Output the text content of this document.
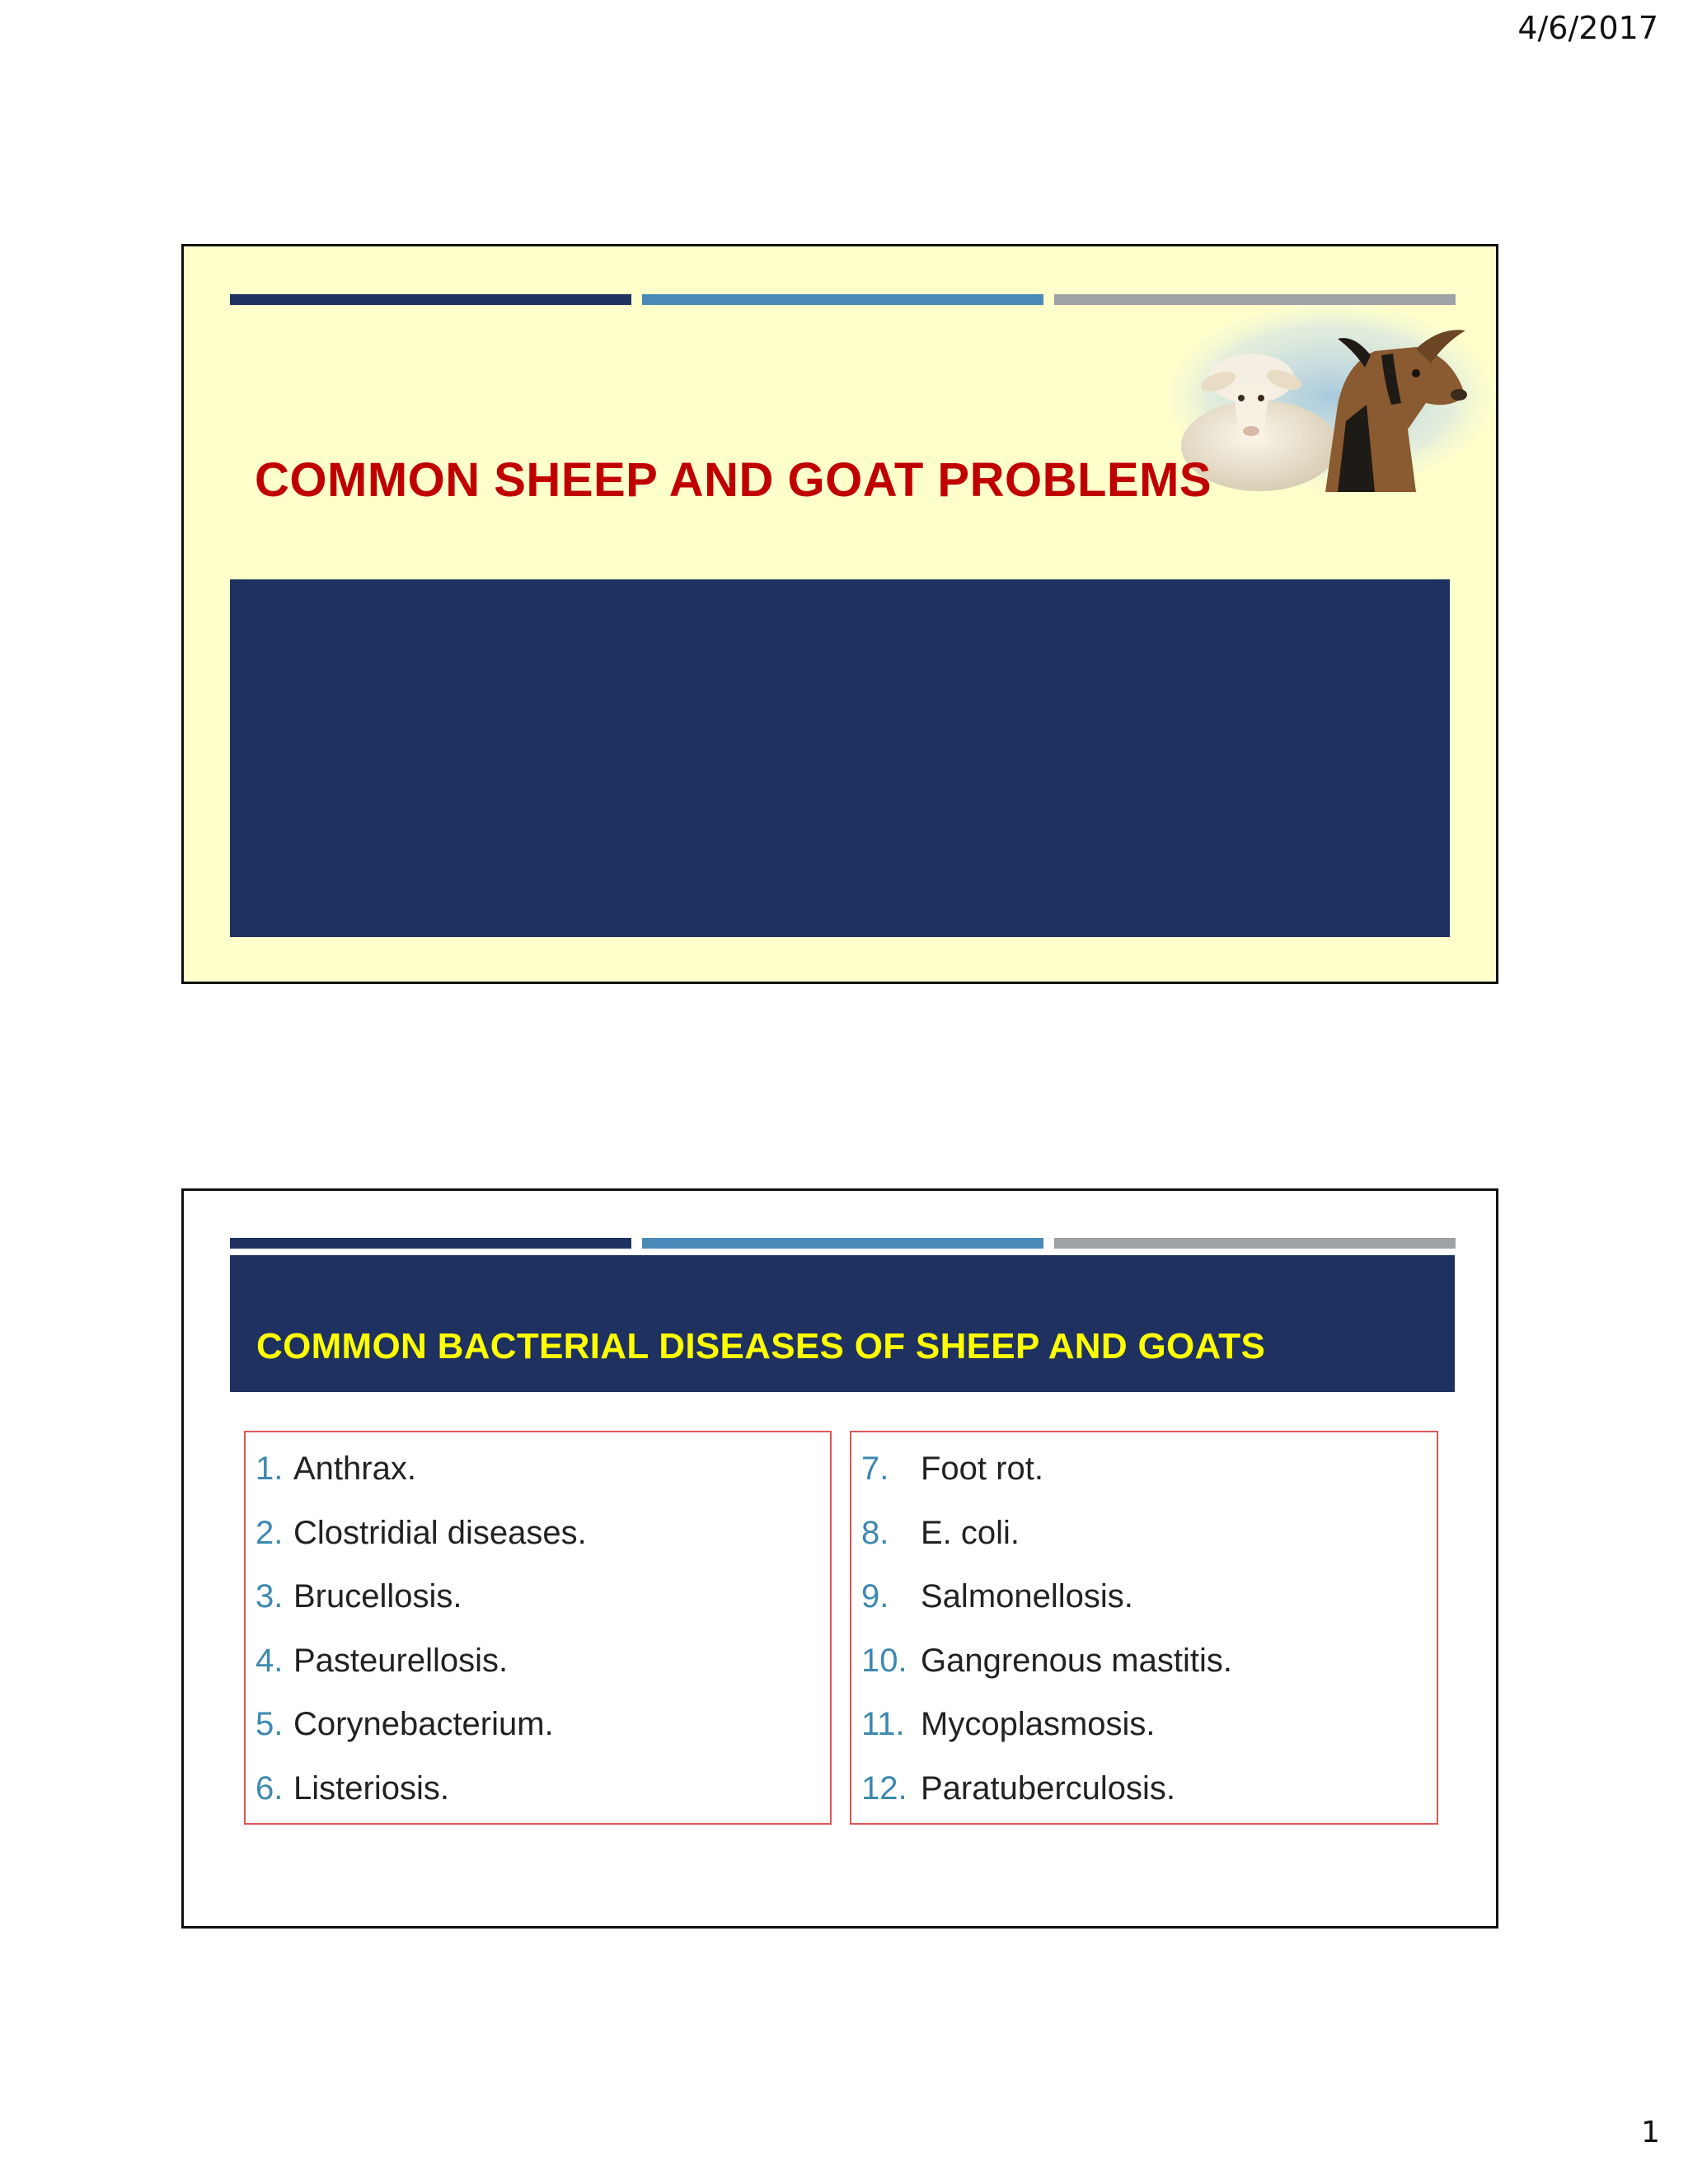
4/6/2017
COMMON SHEEP AND GOAT PROBLEMS
COMMON BACTERIAL DISEASES OF SHEEP AND GOATS
1. Anthrax.
2. Clostridial diseases.
3. Brucellosis.
4. Pasteurellosis.
5. Corynebacterium.
6. Listeriosis.
7. Foot rot.
8. E. coli.
9. Salmonellosis.
10. Gangrenous mastitis.
11. Mycoplasmosis.
12. Paratuberculosis.
1
